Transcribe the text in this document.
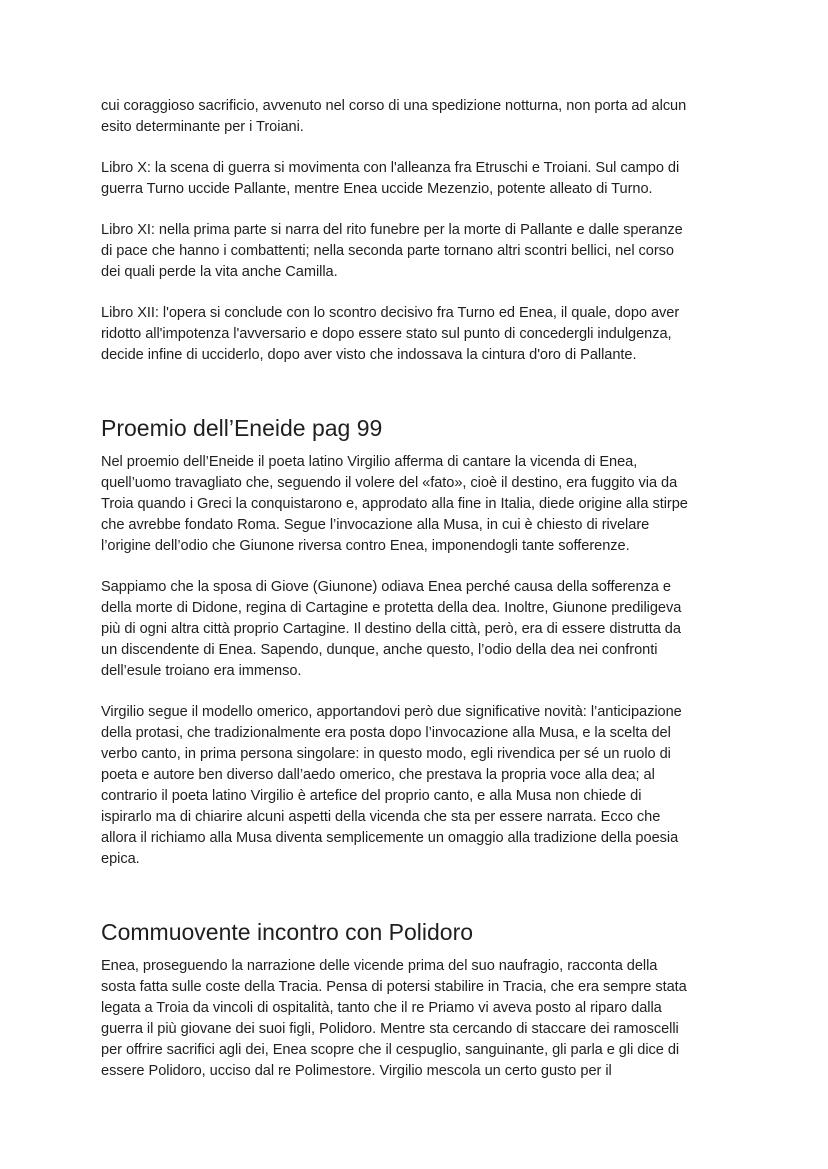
cui coraggioso sacrificio, avvenuto nel corso di una spedizione notturna, non porta ad alcun
esito determinante per i Troiani.

Libro X: la scena di guerra si movimenta con l'alleanza fra Etruschi e Troiani. Sul campo di
guerra Turno uccide Pallante, mentre Enea uccide Mezenzio, potente alleato di Turno.

Libro XI: nella prima parte si narra del rito funebre per la morte di Pallante e dalle speranze
di pace che hanno i combattenti; nella seconda parte tornano altri scontri bellici, nel corso
dei quali perde la vita anche Camilla.

Libro XII: l'opera si conclude con lo scontro decisivo fra Turno ed Enea, il quale, dopo aver
ridotto all'impotenza l'avversario e dopo essere stato sul punto di concedergli indulgenza,
decide infine di ucciderlo, dopo aver visto che indossava la cintura d'oro di Pallante.

Proemio dell’Eneide pag 99

Nel proemio dell’Eneide il poeta latino Virgilio afferma di cantare la vicenda di Enea,
quell’uomo travagliato che, seguendo il volere del «fato», cioè il destino, era fuggito via da
Troia quando i Greci la conquistarono e, approdato alla fine in Italia, diede origine alla stirpe
che avrebbe fondato Roma. Segue l’invocazione alla Musa, in cui è chiesto di rivelare
l’origine dell’odio che Giunone riversa contro Enea, imponendogli tante sofferenze.

Sappiamo che la sposa di Giove (Giunone) odiava Enea perché causa della sofferenza e
della morte di Didone, regina di Cartagine e protetta della dea. Inoltre, Giunone prediligeva
più di ogni altra città proprio Cartagine. Il destino della città, però, era di essere distrutta da
un discendente di Enea. Sapendo, dunque, anche questo, l’odio della dea nei confronti
dell’esule troiano era immenso.

Virgilio segue il modello omerico, apportandovi però due significative novità: l’anticipazione
della protasi, che tradizionalmente era posta dopo l’invocazione alla Musa, e la scelta del
verbo canto, in prima persona singolare: in questo modo, egli rivendica per sé un ruolo di
poeta e autore ben diverso dall’aedo omerico, che prestava la propria voce alla dea; al
contrario il poeta latino Virgilio è artefice del proprio canto, e alla Musa non chiede di
ispirarlo ma di chiarire alcuni aspetti della vicenda che sta per essere narrata. Ecco che
allora il richiamo alla Musa diventa semplicemente un omaggio alla tradizione della poesia
epica.

Commuovente incontro con Polidoro

Enea, proseguendo la narrazione delle vicende prima del suo naufragio, racconta della
sosta fatta sulle coste della Tracia. Pensa di potersi stabilire in Tracia, che era sempre stata
legata a Troia da vincoli di ospitalità, tanto che il re Priamo vi aveva posto al riparo dalla
guerra il più giovane dei suoi figli, Polidoro. Mentre sta cercando di staccare dei ramoscelli
per offrire sacrifici agli dei, Enea scopre che il cespuglio, sanguinante, gli parla e gli dice di
essere Polidoro, ucciso dal re Polimestore. Virgilio mescola un certo gusto per il
